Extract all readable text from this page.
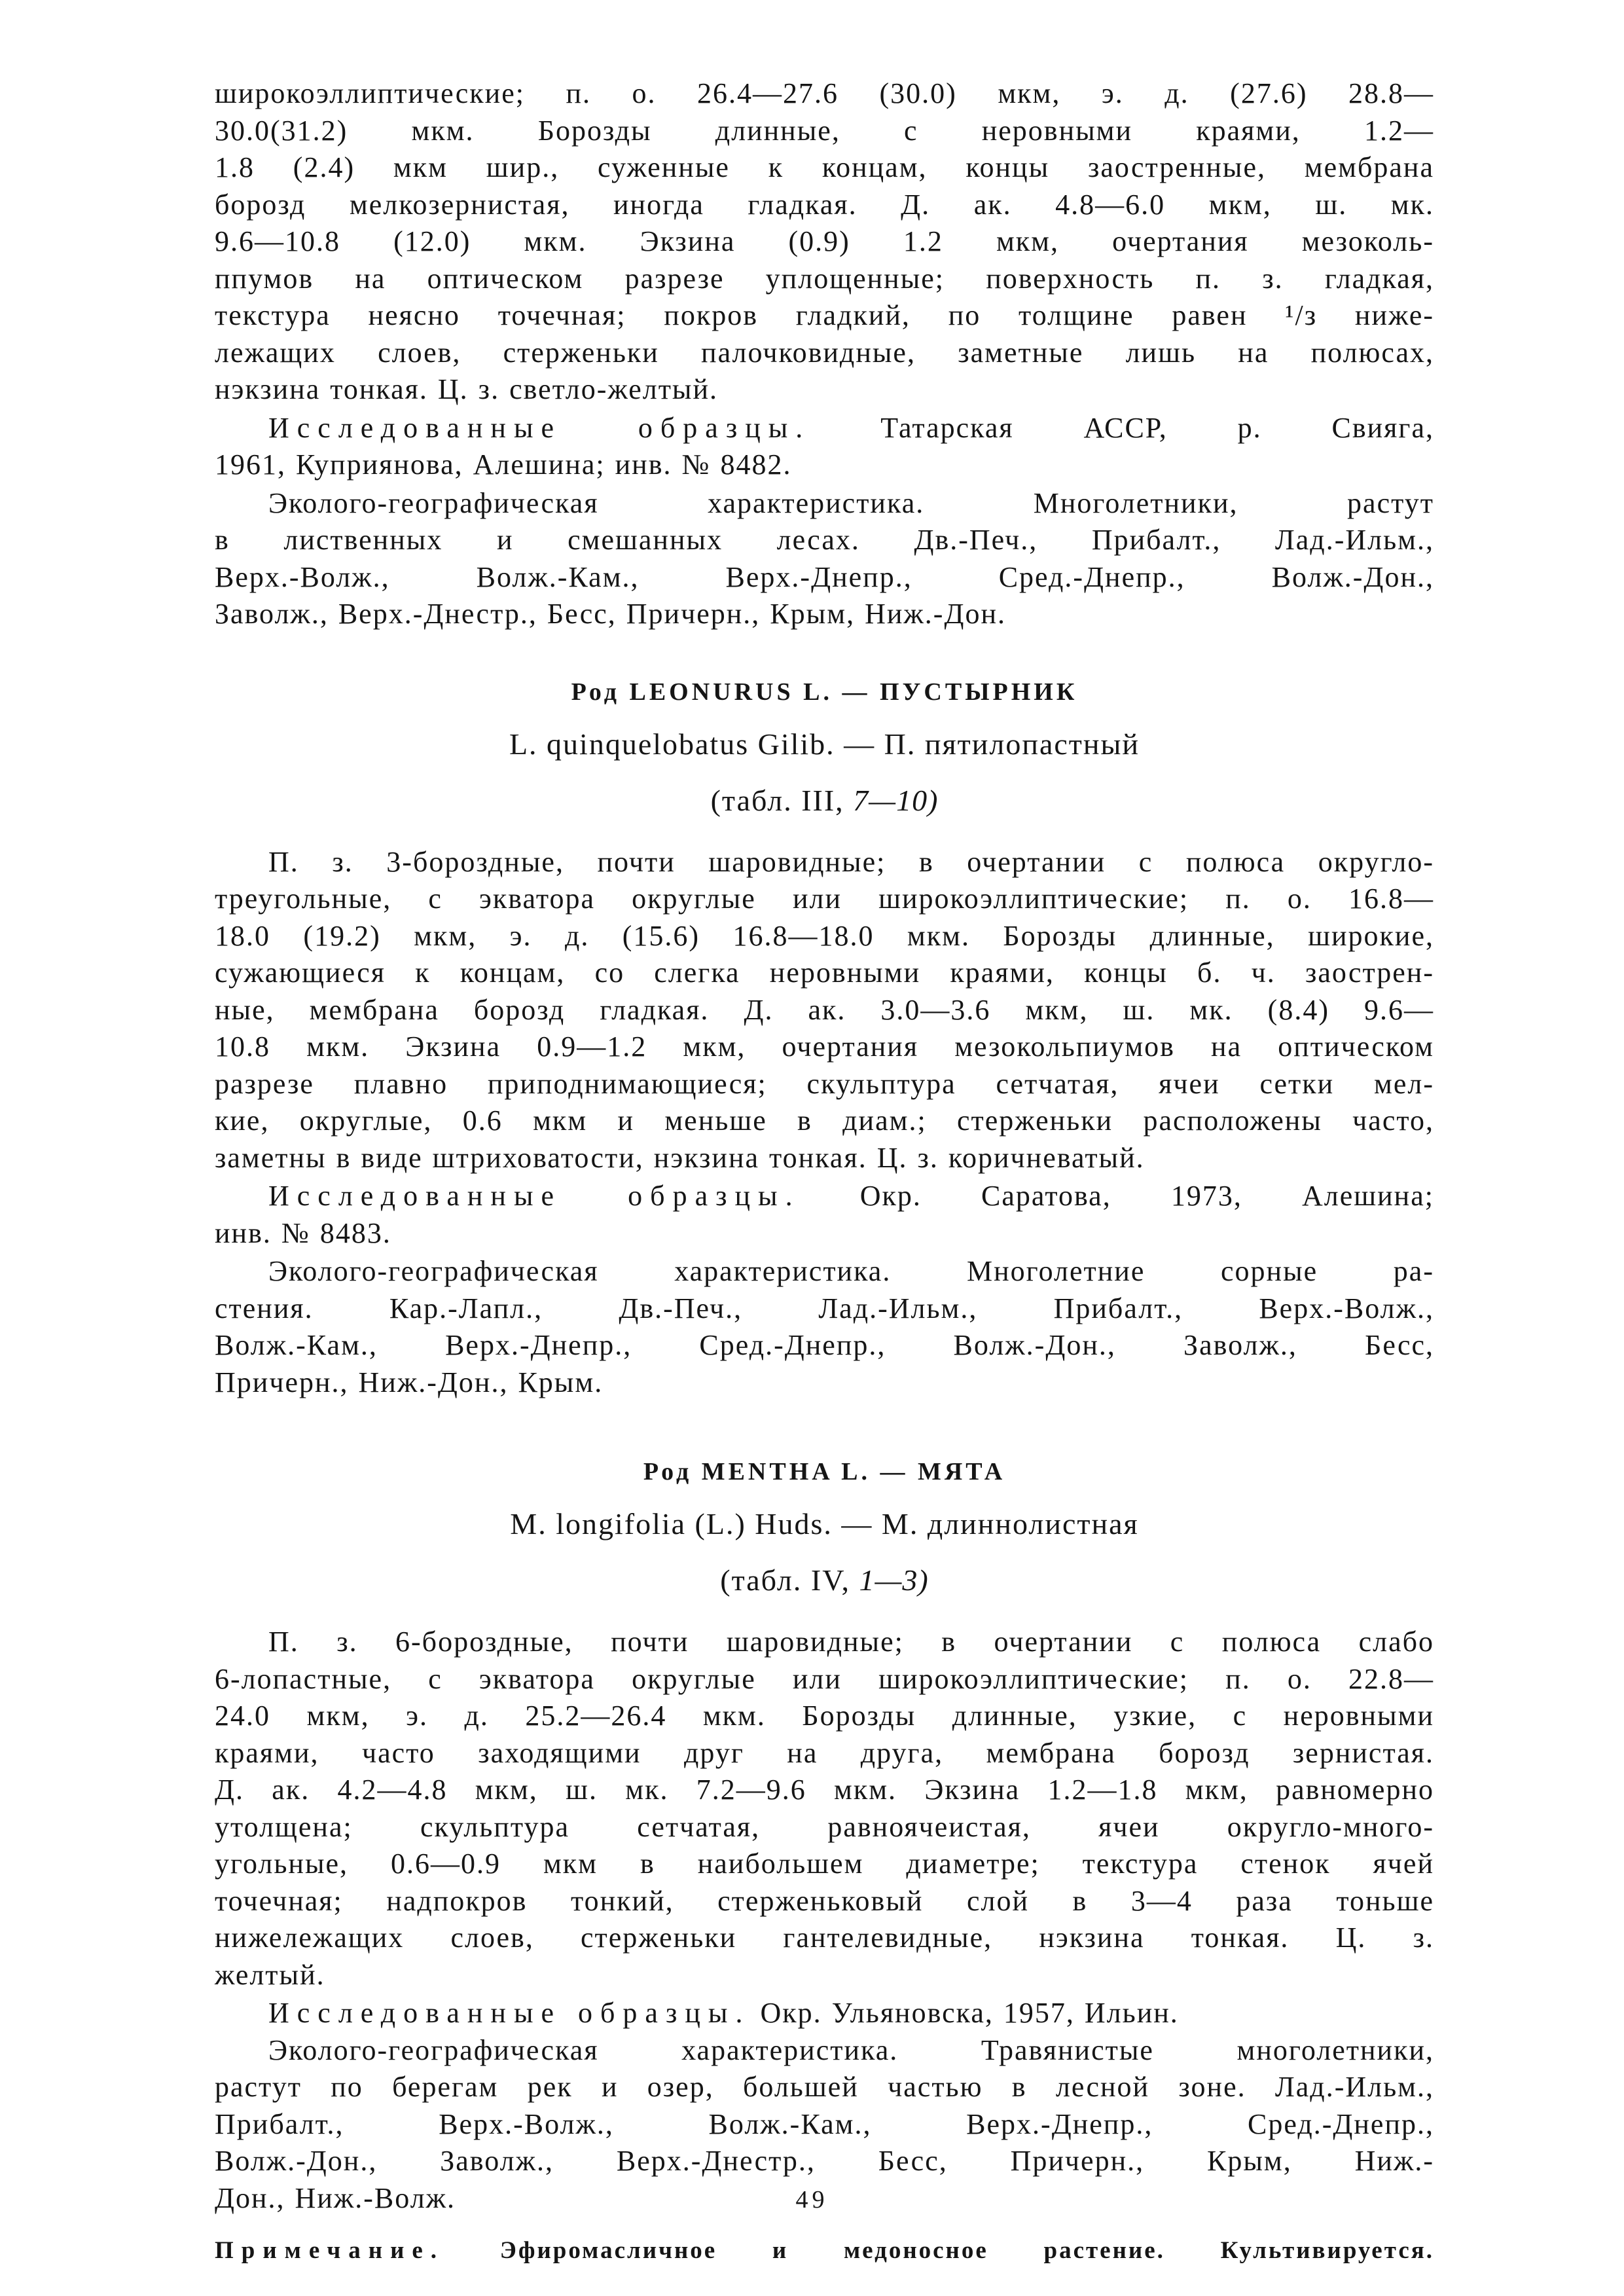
широкоэллиптические; п. о. 26.4—27.6 (30.0) мкм, э. д. (27.6) 28.8—

30.0(31.2) мкм. Борозды длинные, с неровными краями, 1.2—

1.8 (2.4) мкм шир., суженные к концам, концы заостренные, мембрана

борозд мелкозернистая, иногда гладкая. Д. ак. 4.8—6.0 мкм, ш. мк.

9.6—10.8 (12.0) мкм. Экзина (0.9) 1.2 мкм, очертания мезоколь-

ппумов на оптическом разрезе уплощенные; поверхность п. з. гладкая,

текстура неясно точечная; покров гладкий, по толщине равен ¹/з ниже-

лежащих слоев, стерженьки палочковидные, заметные лишь на полюсах,

нэкзина тонкая. Ц. з. светло-желтый.

Исследованные образцы. Татарская АССР, р. Свияга,

1961, Куприянова, Алешина; инв. № 8482.

Эколого-географическая характеристика. Многолетники, растут

в лиственных и смешанных лесах. Дв.-Печ., Прибалт., Лад.-Ильм.,

Верх.-Волж., Волж.-Кам., Верх.-Днепр., Сред.-Днепр., Волж.-Дон.,

Заволж., Верх.-Днестр., Бесс, Причерн., Крым, Ниж.-Дон.

Род LEONURUS L. — ПУСТЫРНИК
L. quinquelobatus Gilib. — П. пятилопастный
(табл. III, 7—10)

П. з. 3-бороздные, почти шаровидные; в очертании с полюса округло-

треугольные, с экватора округлые или широкоэллиптические; п. о. 16.8—

18.0 (19.2) мкм, э. д. (15.6) 16.8—18.0 мкм. Борозды длинные, широкие,

сужающиеся к концам, со слегка неровными краями, концы б. ч. заострен-

ные, мембрана борозд гладкая. Д. ак. 3.0—3.6 мкм, ш. мк. (8.4) 9.6—

10.8 мкм. Экзина 0.9—1.2 мкм, очертания мезокольпиумов на оптическом

разрезе плавно приподнимающиеся; скульптура сетчатая, ячеи сетки мел-

кие, округлые, 0.6 мкм и меньше в диам.; стерженьки расположены часто,

заметны в виде штриховатости, нэкзина тонкая. Ц. з. коричневатый.

Исследованные образцы. Окр. Саратова, 1973, Алешина;

инв. № 8483.

Эколого-географическая характеристика. Многолетние сорные ра-

стения. Кар.-Лапл., Дв.-Печ., Лад.-Ильм., Прибалт., Верх.-Волж.,

Волж.-Кам., Верх.-Днепр., Сред.-Днепр., Волж.-Дон., Заволж., Бесс,

Причерн., Ниж.-Дон., Крым.

Род MENTHA L. — МЯТА
M. longifolia (L.) Huds. — М. длиннолистная
(табл. IV, 1—3)

П. з. 6-бороздные, почти шаровидные; в очертании с полюса слабо

6-лопастные, с экватора округлые или широкоэллиптические; п. о. 22.8—

24.0 мкм, э. д. 25.2—26.4 мкм. Борозды длинные, узкие, с неровными

краями, часто заходящими друг на друга, мембрана борозд зернистая.

Д. ак. 4.2—4.8 мкм, ш. мк. 7.2—9.6 мкм. Экзина 1.2—1.8 мкм, равномерно

утолщена; скульптура сетчатая, равноячеистая, ячеи округло-много-

угольные, 0.6—0.9 мкм в наибольшем диаметре; текстура стенок ячей

точечная; надпокров тонкий, стерженьковый слой в 3—4 раза тоньше

нижележащих слоев, стерженьки гантелевидные, нэкзина тонкая. Ц. з.

желтый.

Исследованные образцы. Окр. Ульяновска, 1957, Ильин.

Эколого-географическая характеристика. Травянистые многолетники,

растут по берегам рек и озер, большей частью в лесной зоне. Лад.-Ильм.,

Прибалт., Верх.-Волж., Волж.-Кам., Верх.-Днепр., Сред.-Днепр.,

Волж.-Дон., Заволж., Верх.-Днестр., Бесс, Причерн., Крым, Ниж.-

Дон., Ниж.-Волж.

Примечание. Эфиромасличное и медоносное растение. Культивируется.
49
